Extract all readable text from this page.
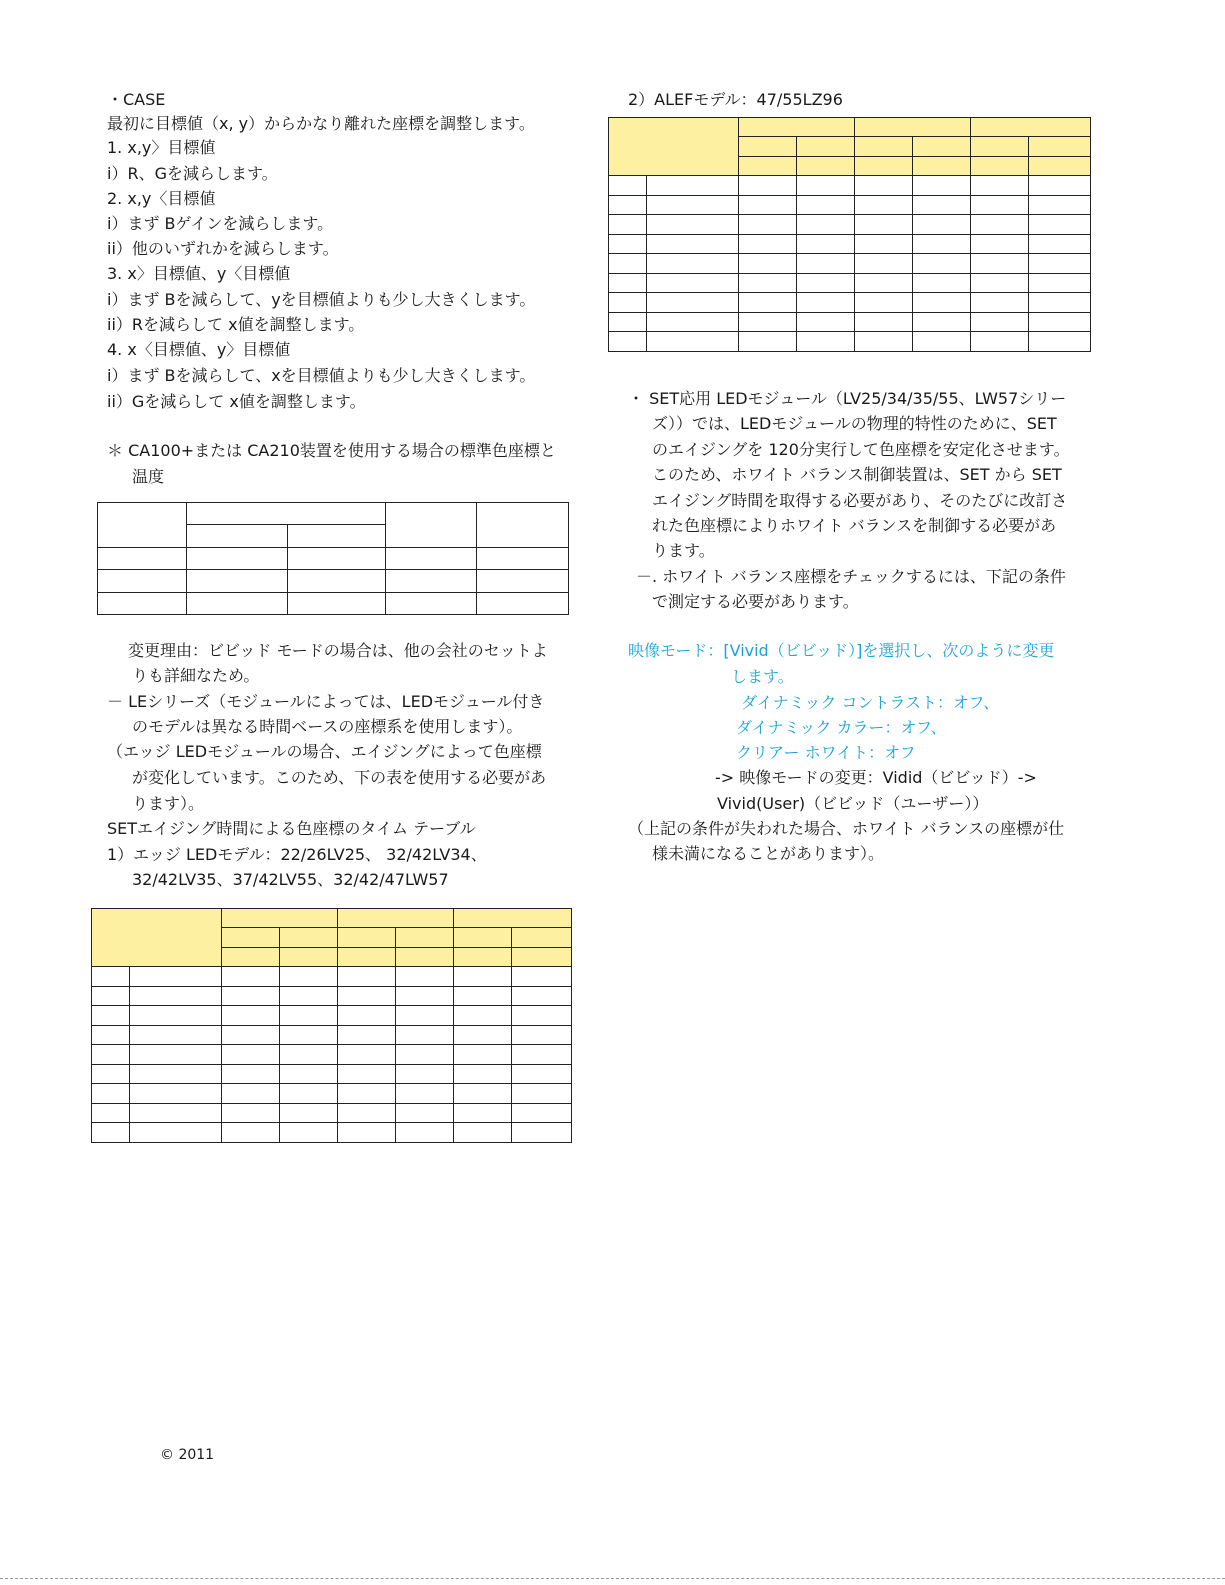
・CASE
最初に目標値（x, y）からかなり離れた座標を調整します。
1. x,y〉目標値
i）R、Gを減らします。
2. x,y〈目標値
i）まず Bゲインを減らします。
ii）他のいずれかを減らします。
3. x〉目標値、y〈目標値
i）まず Bを減らして、yを目標値よりも少し大きくします。
ii）Rを減らして x値を調整します。
4. x〈目標値、y〉目標値
i）まず Bを減らして、xを目標値よりも少し大きくします。
ii）Gを減らして x値を調整します。
＊ CA100+または CA210装置を使用する場合の標準色座標と
温度

変更理由：ビビッド モードの場合は、他の会社のセットよ
りも詳細なため。
－ LEシリーズ（モジュールによっては、LEDモジュール付き
のモデルは異なる時間ベースの座標系を使用します）。
（エッジ LEDモジュールの場合、エイジングによって色座標
が変化しています。このため、下の表を使用する必要があ
ります）。
SETエイジング時間による色座標のタイム テーブル
1）エッジ LEDモデル：22/26LV25、 32/42LV34、
32/42LV35、37/42LV55、32/42/47LW57

© 2011
2）ALEFモデル：47/55LZ96

・ SET応用 LEDモジュール（LV25/34/35/55、LW57シリー
ズ））では、LEDモジュールの物理的特性のために、SET
のエイジングを 120分実行して色座標を安定化させます。
このため、ホワイト バランス制御装置は、SET から SET
エイジング時間を取得する必要があり、そのたびに改訂さ
れた色座標によりホワイト バランスを制御する必要があ
ります。
－. ホワイト バランス座標をチェックするには、下記の条件
で測定する必要があります。
映像モード：[Vivid（ビビッド）]を選択し、次のように変更
します。
ダイナミック コントラスト：オフ、
ダイナミック カラー：オフ、
クリアー ホワイト：オフ
-> 映像モードの変更：Vidid（ビビッド）->
Vivid(User)（ビビッド（ユーザー））
（上記の条件が失われた場合、ホワイト バランスの座標が仕
様未満になることがあります）。
